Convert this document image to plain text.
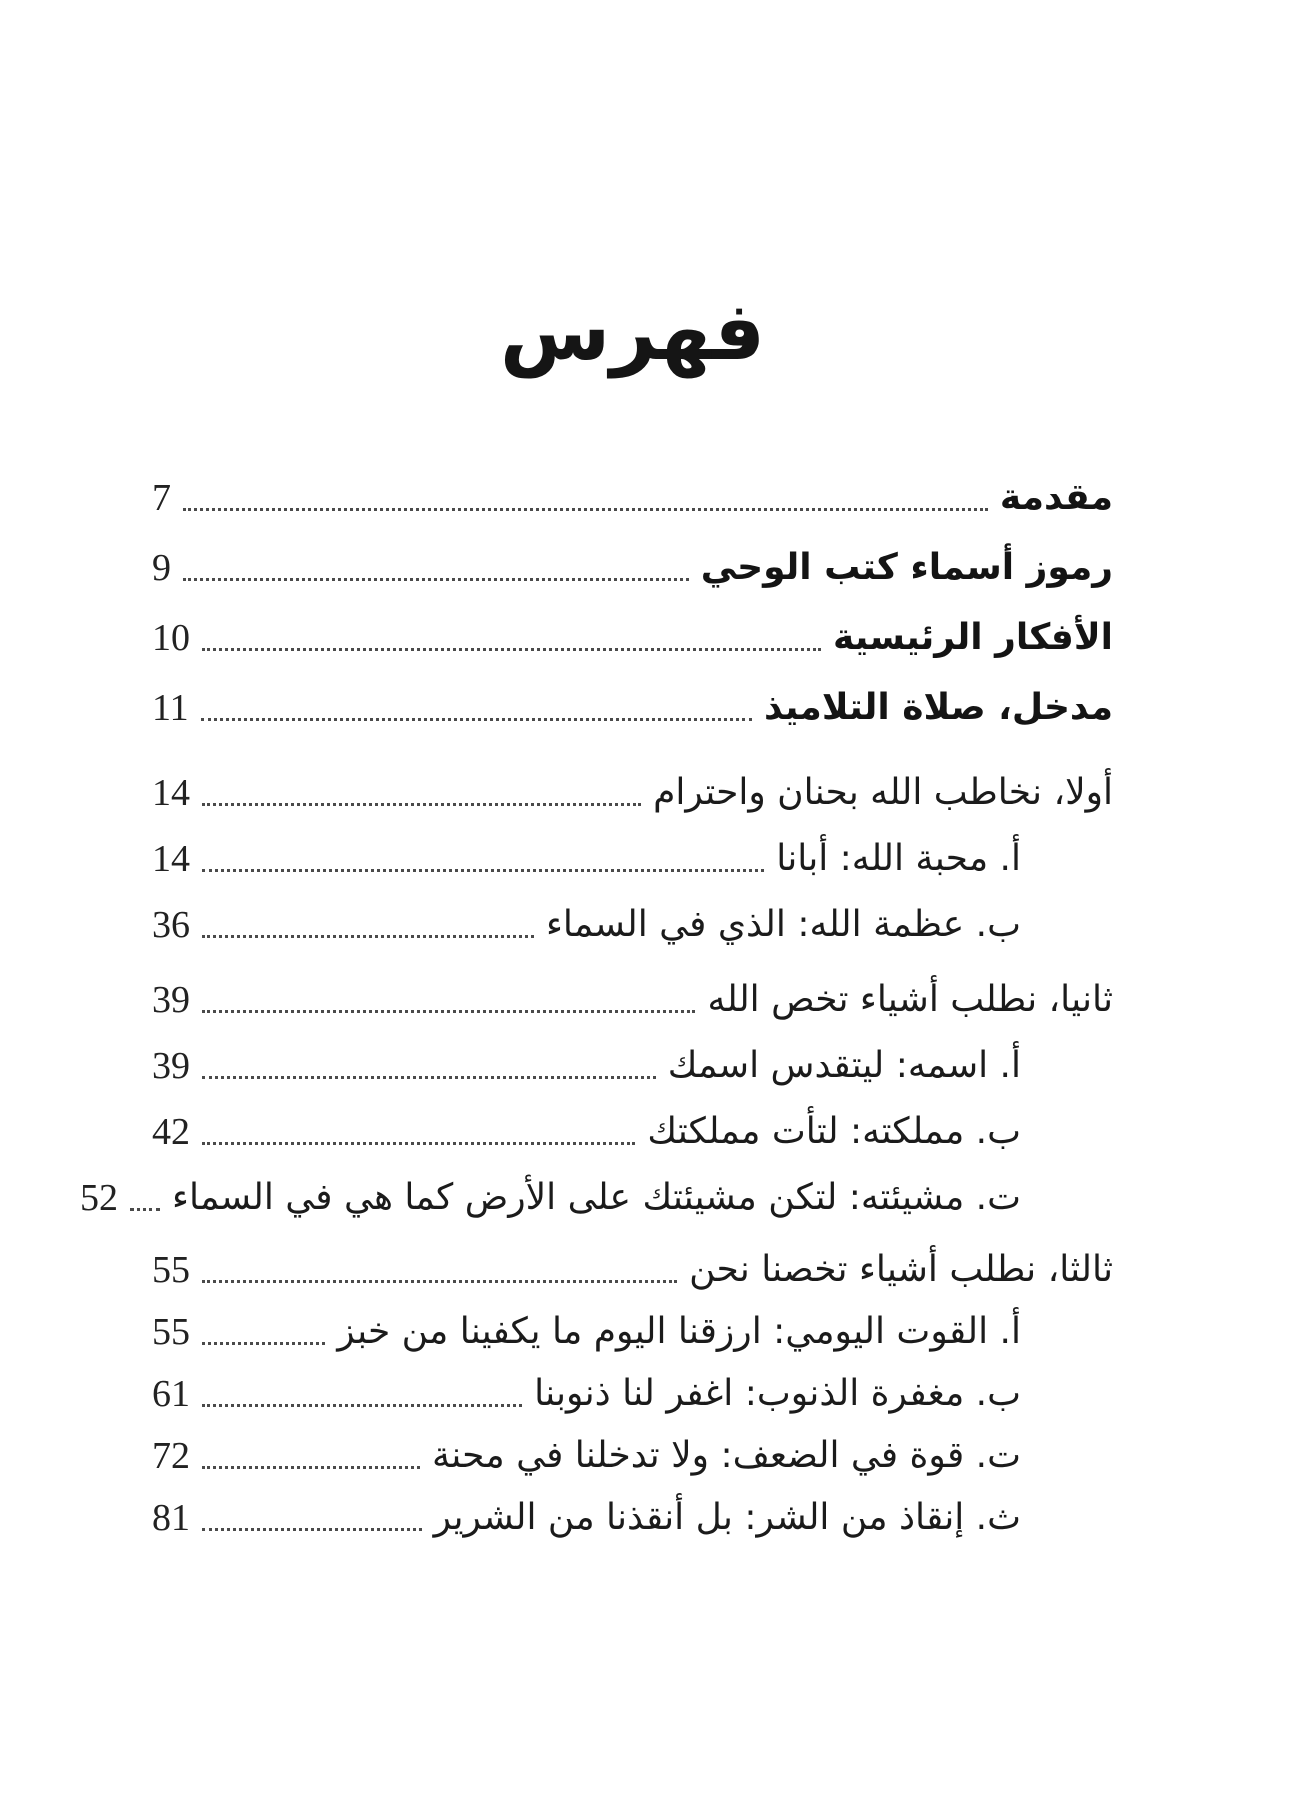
فهرس
مقدمة
7
رموز أسماء كتب الوحي
9
الأفكار الرئيسية
10
مدخل، صلاة التلاميذ
11
أولا، نخاطب الله بحنان واحترام
14
أ. محبة الله: أبانا
14
ب. عظمة الله: الذي في السماء
36
ثانيا، نطلب أشياء تخص الله
39
أ. اسمه: ليتقدس اسمك
39
ب. مملكته: لتأت مملكتك
42
ت. مشيئته: لتكن مشيئتك على الأرض كما هي في السماء
52
ثالثا، نطلب أشياء تخصنا نحن
55
أ. القوت اليومي: ارزقنا اليوم ما يكفينا من خبز
55
ب. مغفرة الذنوب: اغفر لنا ذنوبنا
61
ت. قوة في الضعف: ولا تدخلنا في محنة
72
ث. إنقاذ من الشر: بل أنقذنا من الشرير
81
